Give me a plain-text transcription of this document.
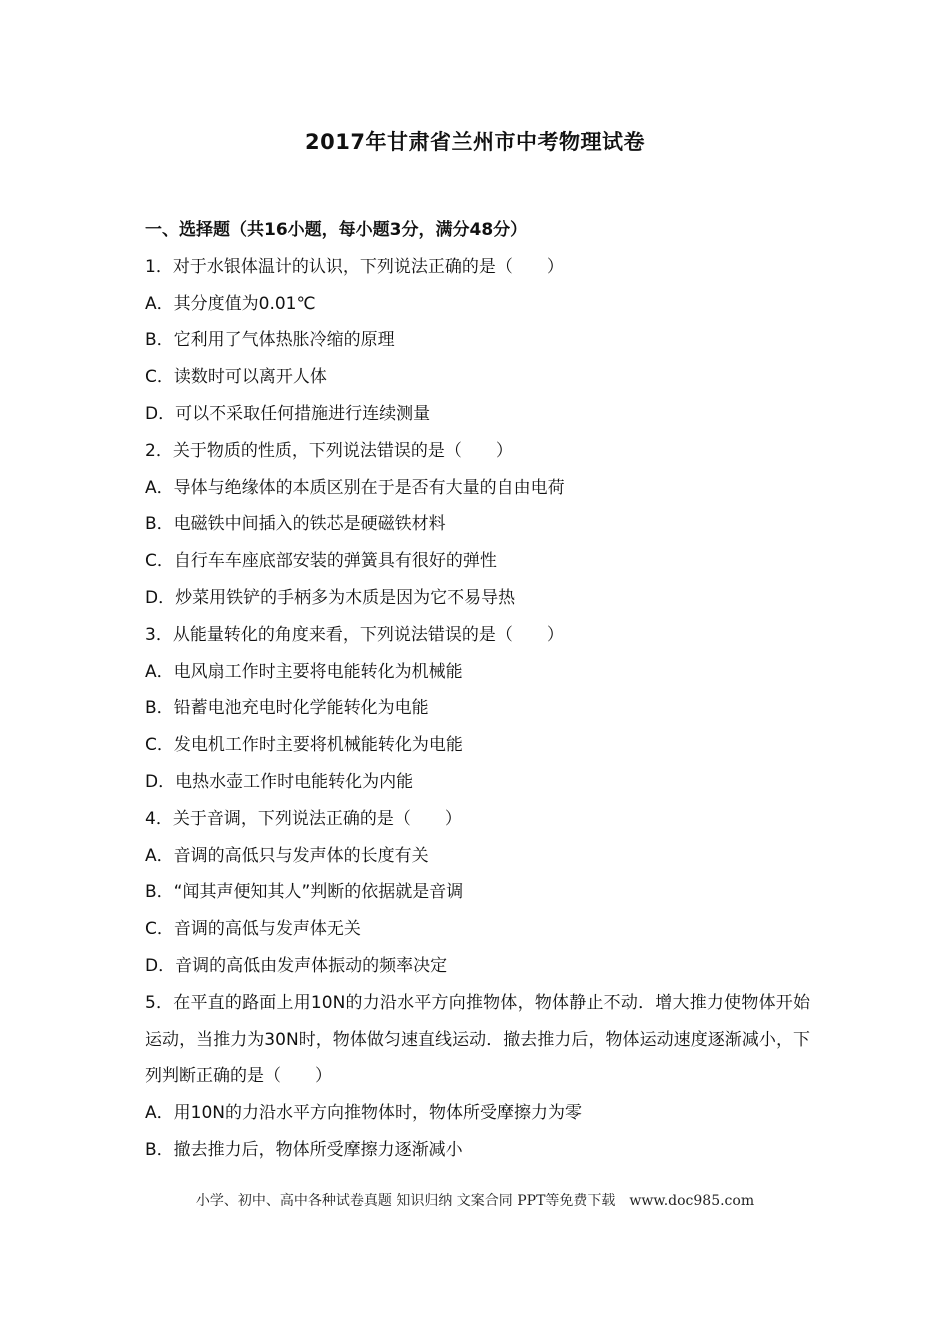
2017年甘肃省兰州市中考物理试卷
一、选择题（共16小题，每小题3分，满分48分）
1．对于水银体温计的认识，下列说法正确的是（　　）
A．其分度值为0.01℃
B．它利用了气体热胀冷缩的原理
C．读数时可以离开人体
D．可以不采取任何措施进行连续测量
2．关于物质的性质，下列说法错误的是（　　）
A．导体与绝缘体的本质区别在于是否有大量的自由电荷
B．电磁铁中间插入的铁芯是硬磁铁材料
C．自行车车座底部安装的弹簧具有很好的弹性
D．炒菜用铁铲的手柄多为木质是因为它不易导热
3．从能量转化的角度来看，下列说法错误的是（　　）
A．电风扇工作时主要将电能转化为机械能
B．铅蓄电池充电时化学能转化为电能
C．发电机工作时主要将机械能转化为电能
D．电热水壶工作时电能转化为内能
4．关于音调，下列说法正确的是（　　）
A．音调的高低只与发声体的长度有关
B．“闻其声便知其人”判断的依据就是音调
C．音调的高低与发声体无关
D．音调的高低由发声体振动的频率决定
5．在平直的路面上用10N的力沿水平方向推物体，物体静止不动．增大推力使物体开始运动，当推力为30N时，物体做匀速直线运动．撤去推力后，物体运动速度逐渐减小，下列判断正确的是（　　）
A．用10N的力沿水平方向推物体时，物体所受摩擦力为零
B．撤去推力后，物体所受摩擦力逐渐减小
小学、初中、高中各种试卷真题 知识归纳 文案合同 PPT等免费下载　www.doc985.com
